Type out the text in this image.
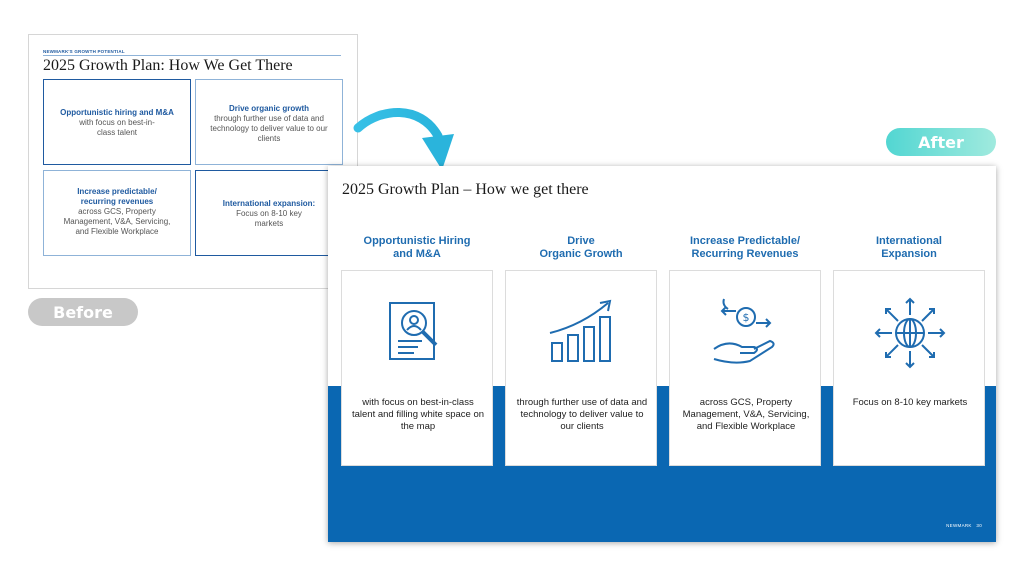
NEWMARK'S GROWTH POTENTIAL
2025 Growth Plan: How We Get There
Opportunistic hiring and M&A
with focus on best-in-class talent
Drive organic growth
through further use of data and technology to deliver value to our clients
Increase predictable/ recurring revenues
across GCS, Property Management, V&A, Servicing, and Flexible Workplace
International expansion:
Focus on 8-10 key markets
Before
After
2025 Growth Plan – How we get there
Opportunistic Hiring
and M&A
with focus on best-in-class talent and filling white space on the map
Drive
Organic Growth
through further use of data and technology to deliver value to our clients
Increase Predictable/
Recurring Revenues
$
across GCS, Property Management, V&A, Servicing, and Flexible Workplace
International
Expansion
Focus on 8-10 key markets
NEWMARK 30
